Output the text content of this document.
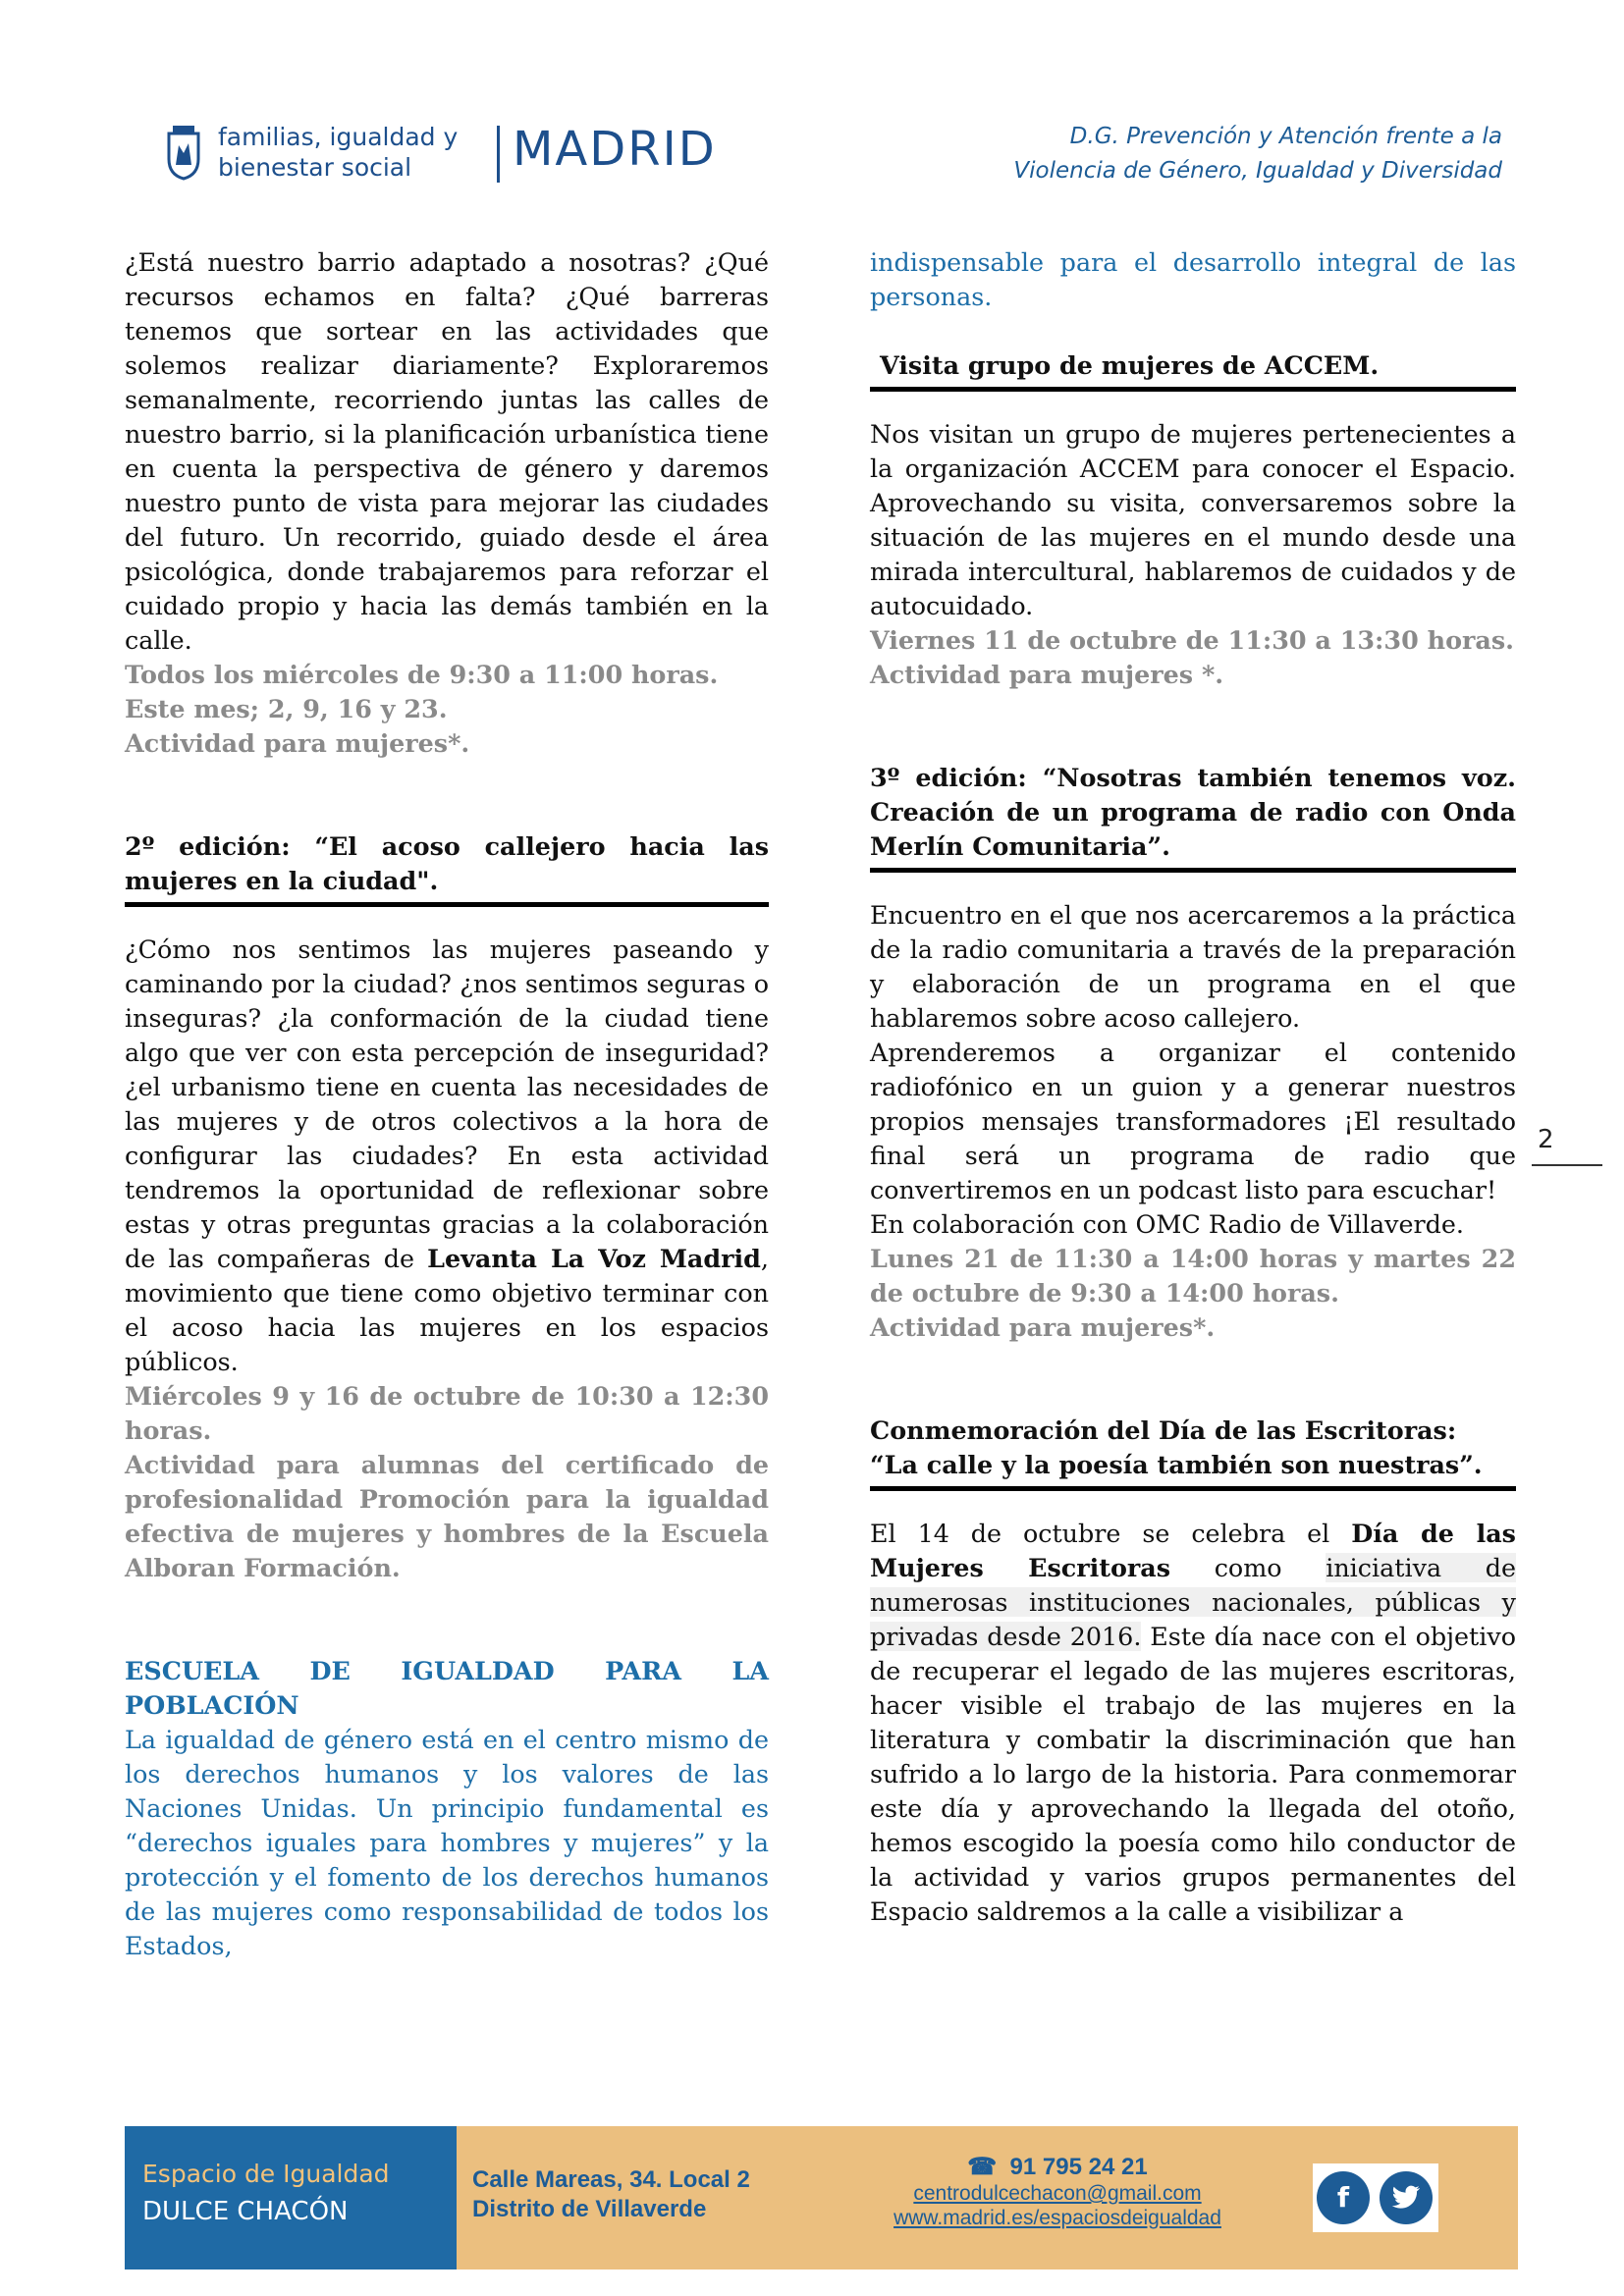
familias, igualdad y
bienestar social	MADRID	D.G. Prevención y Atención frente a la
Violencia de Género, Igualdad y Diversidad

¿Está nuestro barrio adaptado a nosotras? ¿Qué recursos echamos en falta? ¿Qué barreras tenemos que sortear en las actividades que solemos realizar diariamente? Exploraremos semanalmente, recorriendo juntas las calles de nuestro barrio, si la planificación urbanística tiene en cuenta la perspectiva de género y daremos nuestro punto de vista para mejorar las ciudades del futuro. Un recorrido, guiado desde el área psicológica, donde trabajaremos para reforzar el cuidado propio y hacia las demás también en la calle.

Todos los miércoles de 9:30 a 11:00 horas.
Este mes; 2, 9, 16 y 23.
Actividad para mujeres*.

2º edición: “El acoso callejero hacia las mujeres en la ciudad".

¿Cómo nos sentimos las mujeres paseando y caminando por la ciudad? ¿nos sentimos seguras o inseguras? ¿la conformación de la ciudad tiene algo que ver con esta percepción de inseguridad? ¿el urbanismo tiene en cuenta las necesidades de las mujeres y de otros colectivos a la hora de configurar las ciudades? En esta actividad tendremos la oportunidad de reflexionar sobre estas y otras preguntas gracias a la colaboración de las compañeras de Levanta La Voz Madrid, movimiento que tiene como objetivo terminar con el acoso hacia las mujeres en los espacios públicos.

Miércoles 9 y 16 de octubre de 10:30 a 12:30 horas.

Actividad para alumnas del certificado de profesionalidad Promoción para la igualdad efectiva de mujeres y hombres de la Escuela Alboran Formación.

ESCUELA DE IGUALDAD PARA LA POBLACIÓN

La igualdad de género está en el centro mismo de los derechos humanos y los valores de las Naciones Unidas. Un principio fundamental es “derechos iguales para hombres y mujeres” y la protección y el fomento de los derechos humanos de las mujeres como responsabilidad de todos los Estados,

indispensable para el desarrollo integral de las personas.

Visita grupo de mujeres de ACCEM.

Nos visitan un grupo de mujeres pertenecientes a la organización ACCEM para conocer el Espacio. Aprovechando su visita, conversaremos sobre la situación de las mujeres en el mundo desde una mirada intercultural, hablaremos de cuidados y de autocuidado.

Viernes 11 de octubre de 11:30 a 13:30 horas.
Actividad para mujeres *.

3º edición: “Nosotras también tenemos voz. Creación de un programa de radio con Onda Merlín Comunitaria”.

Encuentro en el que nos acercaremos a la práctica de la radio comunitaria a través de la preparación y elaboración de un programa en el que hablaremos sobre acoso callejero.

Aprenderemos a organizar el contenido radiofónico en un guion y a generar nuestros propios mensajes transformadores ¡El resultado final será un programa de radio que convertiremos en un podcast listo para escuchar!

En colaboración con OMC Radio de Villaverde.

Lunes 21 de 11:30 a 14:00 horas y martes 22 de octubre de 9:30 a 14:00 horas.

Actividad para mujeres*.

Conmemoración del Día de las Escritoras:
“La calle y la poesía también son nuestras”.

El 14 de octubre se celebra el Día de las Mujeres Escritoras como iniciativa de numerosas instituciones nacionales, públicas y privadas desde 2016. Este día nace con el objetivo de recuperar el legado de las mujeres escritoras, hacer visible el trabajo de las mujeres en la literatura y combatir la discriminación que han sufrido a lo largo de la historia. Para conmemorar este día y aprovechando la llegada del otoño, hemos escogido la poesía como hilo conductor de la actividad y varios grupos permanentes del Espacio saldremos a la calle a visibilizar a

2
Espacio de Igualdad
DULCE CHACÓN
Calle Mareas, 34. Local 2
Distrito de Villaverde
☎ 91 795 24 21
centrodulcechacon@gmail.com
www.madrid.es/espaciosdeigualdad
f
